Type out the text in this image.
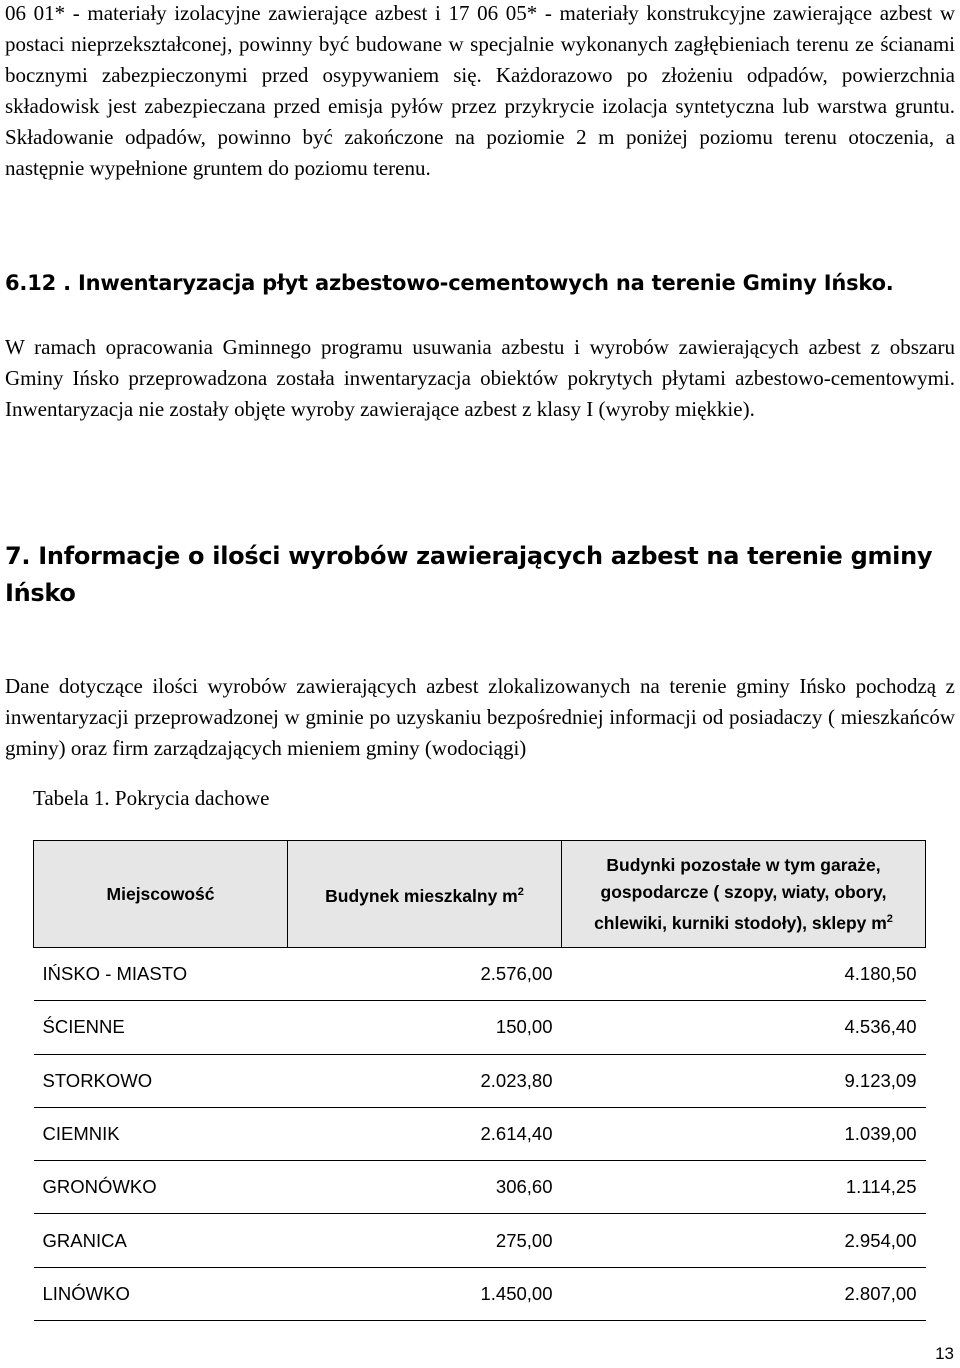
06 01* - materiały izolacyjne zawierające azbest i 17 06 05* - materiały konstrukcyjne zawierające azbest w postaci nieprzekształconej, powinny być budowane w specjalnie wykonanych zagłębieniach terenu ze ścianami bocznymi zabezpieczonymi przed osypywaniem się. Każdorazowo po złożeniu odpadów, powierzchnia składowisk jest zabezpieczana przed emisja pyłów przez przykrycie izolacja syntetyczna lub warstwa gruntu. Składowanie odpadów, powinno być zakończone na poziomie 2 m poniżej poziomu terenu otoczenia, a następnie wypełnione gruntem do poziomu terenu.

6.12 . Inwentaryzacja płyt azbestowo-cementowych na terenie Gminy Ińsko.

W ramach opracowania Gminnego programu usuwania azbestu i wyrobów zawierających azbest z obszaru Gminy Ińsko przeprowadzona została inwentaryzacja obiektów pokrytych płytami azbestowo-cementowymi. Inwentaryzacja nie zostały objęte wyroby zawierające azbest z klasy I (wyroby miękkie).

7. Informacje o ilości wyrobów zawierających azbest na terenie gminy Ińsko

Dane dotyczące ilości wyrobów zawierających azbest zlokalizowanych na terenie gminy Ińsko pochodzą z inwentaryzacji przeprowadzonej w gminie po uzyskaniu bezpośredniej informacji od posiadaczy ( mieszkańców gminy) oraz firm zarządzających mieniem gminy (wodociągi)

Tabela 1. Pokrycia dachowe

Miejscowość	Budynek mieszkalny $m^2$	Budynki pozostałe w tym garaże, gospodarcze ( szopy, wiaty, obory, chlewiki, kurniki stodoły), sklepy $m^2$
IŃSKO - MIASTO	2.576,00	4.180,50
ŚCIENNE	150,00	4.536,40
STORKOWO	2.023,80	9.123,09
CIEMNIK	2.614,40	1.039,00
GRONÓWKO	306,60	1.114,25
GRANICA	275,00	2.954,00
LINÓWKO	1.450,00	2.807,00
13
